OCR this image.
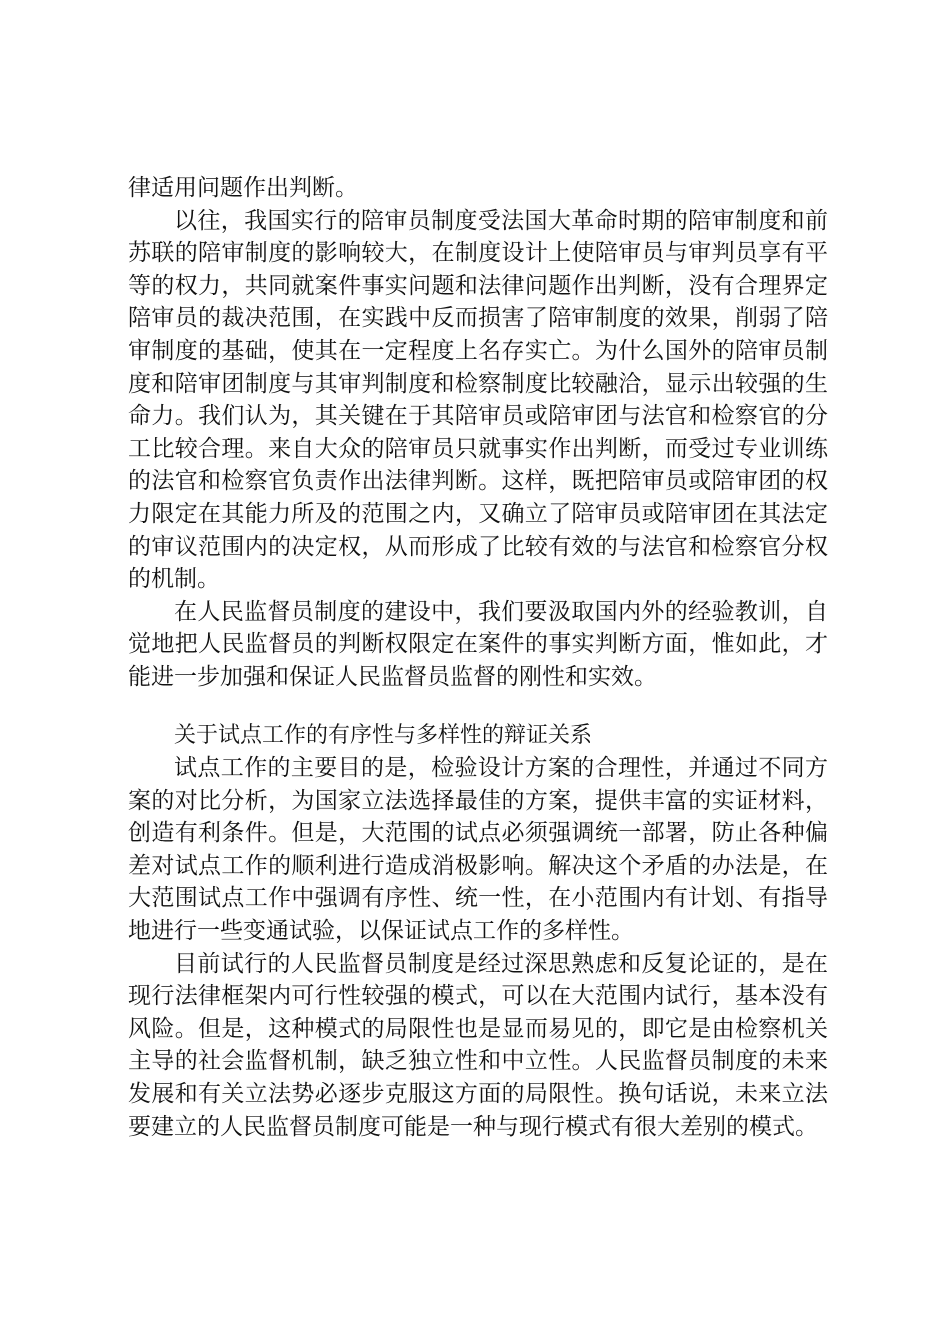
律适用问题作出判断。

以往，我国实行的陪审员制度受法国大革命时期的陪审制度和前苏联的陪审制度的影响较大，在制度设计上使陪审员与审判员享有平等的权力，共同就案件事实问题和法律问题作出判断，没有合理界定陪审员的裁决范围，在实践中反而损害了陪审制度的效果，削弱了陪审制度的基础，使其在一定程度上名存实亡。为什么国外的陪审员制度和陪审团制度与其审判制度和检察制度比较融洽，显示出较强的生命力。我们认为，其关键在于其陪审员或陪审团与法官和检察官的分工比较合理。来自大众的陪审员只就事实作出判断，而受过专业训练的法官和检察官负责作出法律判断。这样，既把陪审员或陪审团的权力限定在其能力所及的范围之内，又确立了陪审员或陪审团在其法定的审议范围内的决定权，从而形成了比较有效的与法官和检察官分权的机制。

在人民监督员制度的建设中，我们要汲取国内外的经验教训，自觉地把人民监督员的判断权限定在案件的事实判断方面，惟如此，才能进一步加强和保证人民监督员监督的刚性和实效。

关于试点工作的有序性与多样性的辩证关系

试点工作的主要目的是，检验设计方案的合理性，并通过不同方案的对比分析，为国家立法选择最佳的方案，提供丰富的实证材料，创造有利条件。但是，大范围的试点必须强调统一部署，防止各种偏差对试点工作的顺利进行造成消极影响。解决这个矛盾的办法是，在大范围试点工作中强调有序性、统一性，在小范围内有计划、有指导地进行一些变通试验，以保证试点工作的多样性。

目前试行的人民监督员制度是经过深思熟虑和反复论证的，是在现行法律框架内可行性较强的模式，可以在大范围内试行，基本没有风险。但是，这种模式的局限性也是显而易见的，即它是由检察机关主导的社会监督机制，缺乏独立性和中立性。人民监督员制度的未来发展和有关立法势必逐步克服这方面的局限性。换句话说，未来立法要建立的人民监督员制度可能是一种与现行模式有很大差别的模式。
